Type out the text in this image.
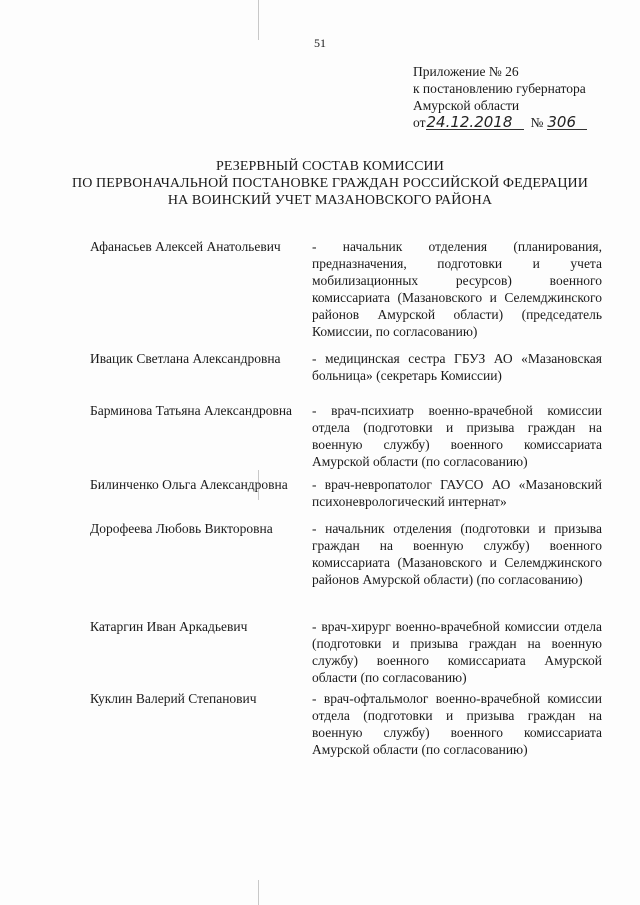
51
Приложение № 26
к постановлению губернатора
Амурской области
от24.12.2018 № 306
РЕЗЕРВНЫЙ СОСТАВ КОМИССИИ
ПО ПЕРВОНАЧАЛЬНОЙ ПОСТАНОВКЕ ГРАЖДАН РОССИЙСКОЙ ФЕДЕРАЦИИ
НА ВОИНСКИЙ УЧЕТ МАЗАНОВСКОГО РАЙОНА
Афанасьев Алексей Анатольевич	- начальник отделения (планирования, предназначения, подготовки и учета мобилизационных ресурсов) военного комиссариата (Мазановского и Селемджинского районов Амурской области) (председатель Комиссии, по согласованию)
Ивацик Светлана Александровна	- медицинская сестра ГБУЗ АО «Мазановская больница» (секретарь Комиссии)
Барминова Татьяна Александровна	- врач-психиатр военно-врачебной комиссии отдела (подготовки и призыва граждан на военную службу) военного комиссариата Амурской области (по согласованию)
Билинченко Ольга Александровна	- врач-невропатолог ГАУСО АО «Мазановский психоневрологический интернат»
Дорофеева Любовь Викторовна	- начальник отделения (подготовки и призыва граждан на военную службу) военного комиссариата (Мазановского и Селемджинского районов Амурской области) (по согласованию)
Катаргин Иван Аркадьевич	- врач-хирург военно-врачебной комиссии отдела (подготовки и призыва граждан на военную службу) военного комиссариата Амурской области (по согласованию)
Куклин Валерий Степанович	- врач-офтальмолог военно-врачебной комиссии отдела (подготовки и призыва граждан на военную службу) военного комиссариата Амурской области (по согласованию)
